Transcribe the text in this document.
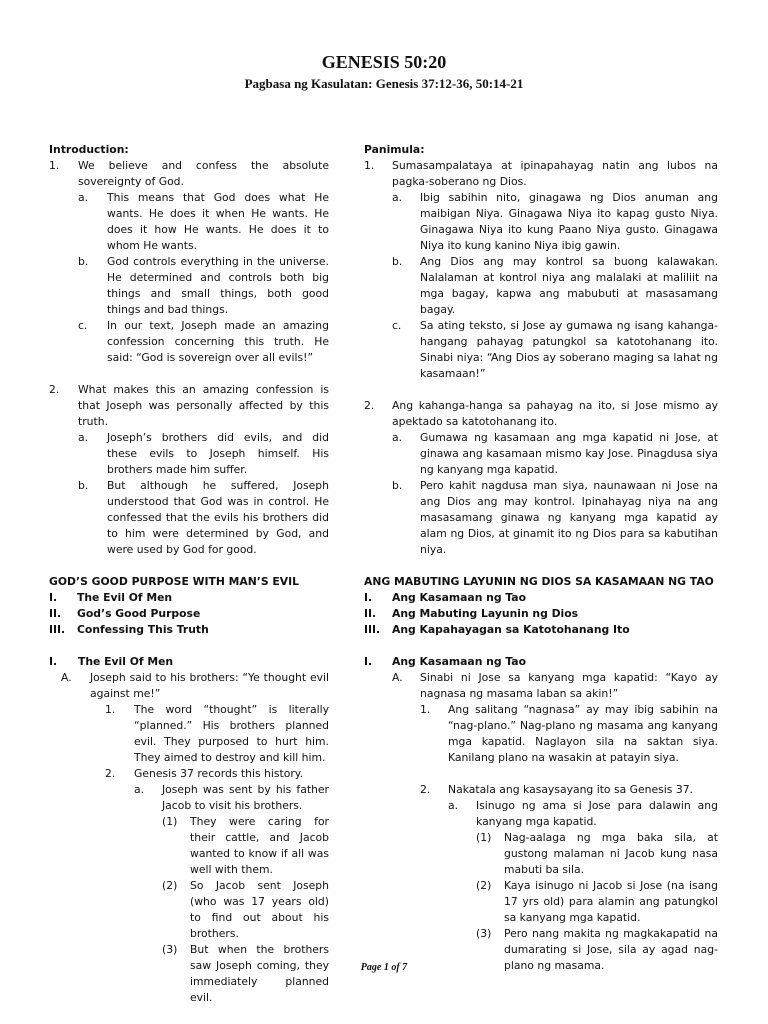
GENESIS 50:20
Pagbasa ng Kasulatan: Genesis 37:12-36, 50:14-21
Introduction:
1.	We believe and confess the absolute sovereignty of God.
a.	This means that God does what He wants. He does it when He wants. He does it how He wants. He does it to whom He wants.
b.	God controls everything in the universe. He determined and controls both big things and small things, both good things and bad things.
c.	In our text, Joseph made an amazing confession concerning this truth. He said: “God is sovereign over all evils!”
2.	What makes this an amazing confession is that Joseph was personally affected by this truth.
a.	Joseph’s brothers did evils, and did these evils to Joseph himself. His brothers made him suffer.
b.	But although he suffered, Joseph understood that God was in control. He confessed that the evils his brothers did to him were determined by God, and were used by God for good.
GOD’S GOOD PURPOSE WITH MAN’S EVIL
I.	The Evil Of Men
II.	God’s Good Purpose
III.	Confessing This Truth
I.	The Evil Of Men
A.	Joseph said to his brothers: “Ye thought evil against me!”
1.	The word “thought” is literally “planned.” His brothers planned evil. They purposed to hurt him. They aimed to destroy and kill him.
2.	Genesis 37 records this history.
a.	Joseph was sent by his father Jacob to visit his brothers.
(1)	They were caring for their cattle, and Jacob wanted to know if all was well with them.
(2)	So Jacob sent Joseph (who was 17 years old) to find out about his brothers.
(3)	But when the brothers saw Joseph coming, they immediately planned evil.
Panimula:
1.	Sumasampalataya at ipinapahayag natin ang lubos na pagka-soberano ng Dios.
a.	Ibig sabihin nito, ginagawa ng Dios anuman ang maibigan Niya. Ginagawa Niya ito kapag gusto Niya. Ginagawa Niya ito kung Paano Niya gusto. Ginagawa Niya ito kung kanino Niya ibig gawin.
b.	Ang Dios ang may kontrol sa buong kalawakan. Nalalaman at kontrol niya ang malalaki at maliliit na mga bagay, kapwa ang mabubuti at masasamang bagay.
c.	Sa ating teksto, si Jose ay gumawa ng isang kahanga-hangang pahayag patungkol sa katotohanang ito. Sinabi niya: “Ang Dios ay soberano maging sa lahat ng kasamaan!”
2.	Ang kahanga-hanga sa pahayag na ito, si Jose mismo ay apektado sa katotohanang ito.
a.	Gumawa ng kasamaan ang mga kapatid ni Jose, at ginawa ang kasamaan mismo kay Jose. Pinagdusa siya ng kanyang mga kapatid.
b.	Pero kahit nagdusa man siya, naunawaan ni Jose na ang Dios ang may kontrol. Ipinahayag niya na ang masasamang ginawa ng kanyang mga kapatid ay alam ng Dios, at ginamit ito ng Dios para sa kabutihan niya.
ANG MABUTING LAYUNIN NG DIOS SA KASAMAAN NG TAO
I.	Ang Kasamaan ng Tao
II.	Ang Mabuting Layunin ng Dios
III.	Ang Kapahayagan sa Katotohanang Ito
I.	Ang Kasamaan ng Tao
A.	Sinabi ni Jose sa kanyang mga kapatid: “Kayo ay nagnasa ng masama laban sa akin!”
1.	Ang salitang “nagnasa” ay may ibig sabihin na “nag-plano.” Nag-plano ng masama ang kanyang mga kapatid. Naglayon sila na saktan siya. Kanilang plano na wasakin at patayin siya.
2.	Nakatala ang kasaysayang ito sa Genesis 37.
a.	Isinugo ng ama si Jose para dalawin ang kanyang mga kapatid.
(1)	Nag-aalaga ng mga baka sila, at gustong malaman ni Jacob kung nasa mabuti ba sila.
(2)	Kaya isinugo ni Jacob si Jose (na isang 17 yrs old) para alamin ang patungkol sa kanyang mga kapatid.
(3)	Pero nang makita ng magkakapatid na dumarating si Jose, sila ay agad nag-plano ng masama.
Page 1 of 7
